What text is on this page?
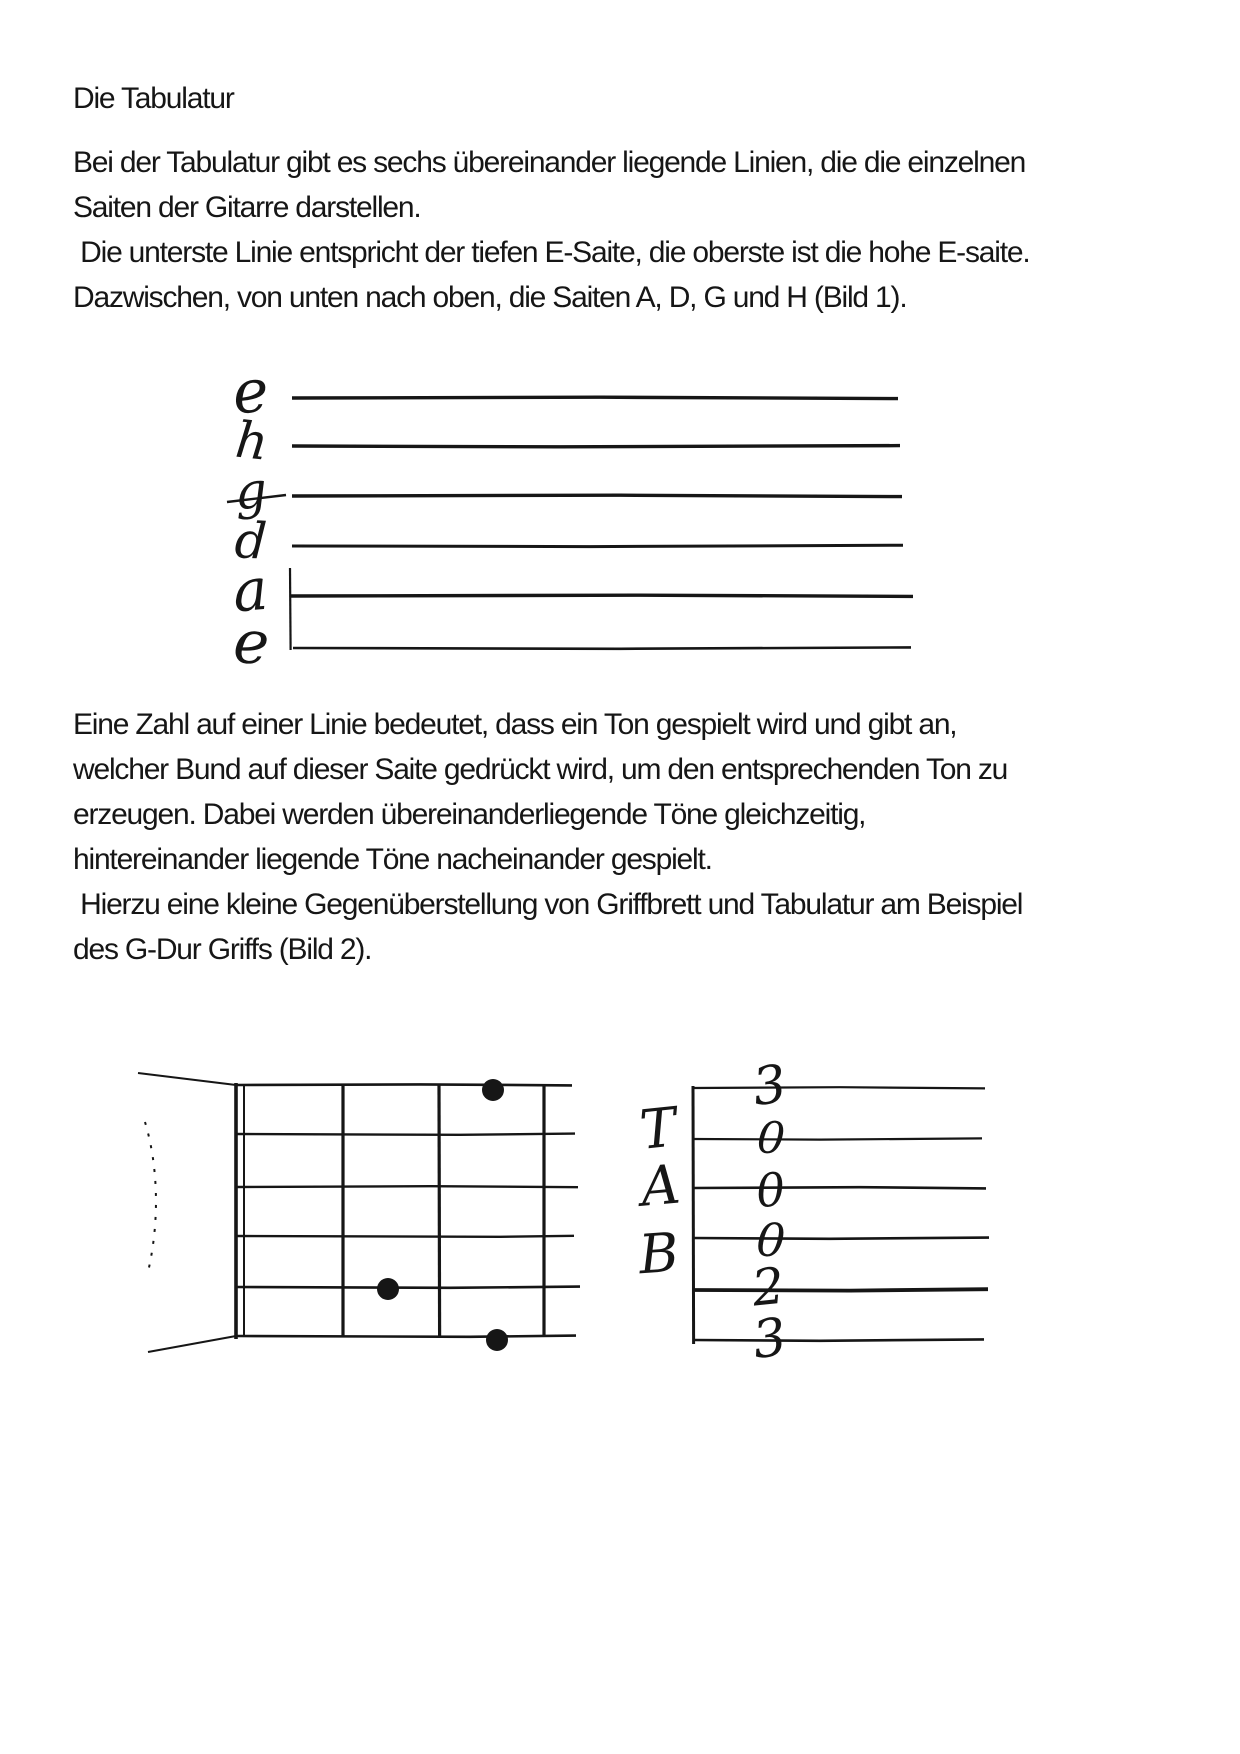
Die Tabulatur
Bei der Tabulatur gibt es sechs übereinander liegende Linien, die die einzelnen
Saiten der Gitarre darstellen.
Die unterste Linie entspricht der tiefen E-Saite, die oberste ist die hohe E-saite.
Dazwischen, von unten nach oben, die Saiten A, D, G und H (Bild 1).
Eine Zahl auf einer Linie bedeutet, dass ein Ton gespielt wird und gibt an,
welcher Bund auf dieser Saite gedrückt wird, um den entsprechenden Ton zu
erzeugen. Dabei werden übereinanderliegende Töne gleichzeitig,
hintereinander liegende Töne nacheinander gespielt.
Hierzu eine kleine Gegenüberstellung von Griffbrett und Tabulatur am Beispiel
des G-Dur Griffs (Bild 2).
e
h
g
d
a
e
T
A
B
3
0
0
0
2
3
